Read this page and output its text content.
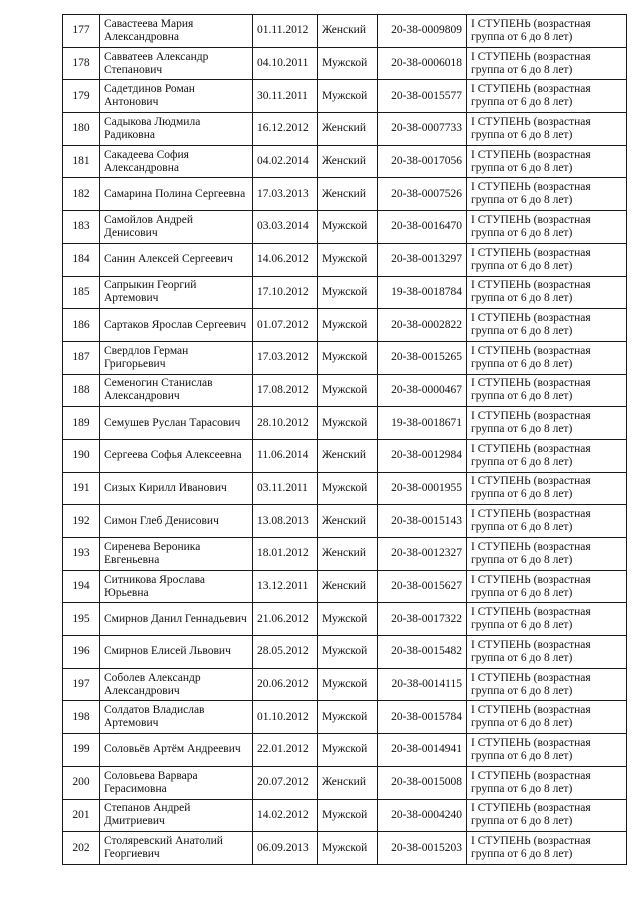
177	Савастеева Мария Александровна	01.11.2012	Женский	20-38-0009809	I СТУПЕНЬ (возрастная группа от 6 до 8 лет)
178	Савватеев Александр Степанович	04.10.2011	Мужской	20-38-0006018	I СТУПЕНЬ (возрастная группа от 6 до 8 лет)
179	Садетдинов Роман Антонович	30.11.2011	Мужской	20-38-0015577	I СТУПЕНЬ (возрастная группа от 6 до 8 лет)
180	Садыкова Людмила Радиковна	16.12.2012	Женский	20-38-0007733	I СТУПЕНЬ (возрастная группа от 6 до 8 лет)
181	Сакадеева София Александровна	04.02.2014	Женский	20-38-0017056	I СТУПЕНЬ (возрастная группа от 6 до 8 лет)
182	Самарина Полина Сергеевна	17.03.2013	Женский	20-38-0007526	I СТУПЕНЬ (возрастная группа от 6 до 8 лет)
183	Самойлов Андрей Денисович	03.03.2014	Мужской	20-38-0016470	I СТУПЕНЬ (возрастная группа от 6 до 8 лет)
184	Санин Алексей Сергеевич	14.06.2012	Мужской	20-38-0013297	I СТУПЕНЬ (возрастная группа от 6 до 8 лет)
185	Сапрыкин Георгий Артемович	17.10.2012	Мужской	19-38-0018784	I СТУПЕНЬ (возрастная группа от 6 до 8 лет)
186	Сартаков Ярослав Сергеевич	01.07.2012	Мужской	20-38-0002822	I СТУПЕНЬ (возрастная группа от 6 до 8 лет)
187	Свердлов Герман Григорьевич	17.03.2012	Мужской	20-38-0015265	I СТУПЕНЬ (возрастная группа от 6 до 8 лет)
188	Семеногин Станислав Александрович	17.08.2012	Мужской	20-38-0000467	I СТУПЕНЬ (возрастная группа от 6 до 8 лет)
189	Семушев Руслан Тарасович	28.10.2012	Мужской	19-38-0018671	I СТУПЕНЬ (возрастная группа от 6 до 8 лет)
190	Сергеева Софья Алексеевна	11.06.2014	Женский	20-38-0012984	I СТУПЕНЬ (возрастная группа от 6 до 8 лет)
191	Сизых Кирилл Иванович	03.11.2011	Мужской	20-38-0001955	I СТУПЕНЬ (возрастная группа от 6 до 8 лет)
192	Симон Глеб Денисович	13.08.2013	Женский	20-38-0015143	I СТУПЕНЬ (возрастная группа от 6 до 8 лет)
193	Сиренева Вероника Евгеньевна	18.01.2012	Женский	20-38-0012327	I СТУПЕНЬ (возрастная группа от 6 до 8 лет)
194	Ситникова Ярослава Юрьевна	13.12.2011	Женский	20-38-0015627	I СТУПЕНЬ (возрастная группа от 6 до 8 лет)
195	Смирнов Данил Геннадьевич	21.06.2012	Мужской	20-38-0017322	I СТУПЕНЬ (возрастная группа от 6 до 8 лет)
196	Смирнов Елисей Львович	28.05.2012	Мужской	20-38-0015482	I СТУПЕНЬ (возрастная группа от 6 до 8 лет)
197	Соболев Александр Александрович	20.06.2012	Мужской	20-38-0014115	I СТУПЕНЬ (возрастная группа от 6 до 8 лет)
198	Солдатов Владислав Артемович	01.10.2012	Мужской	20-38-0015784	I СТУПЕНЬ (возрастная группа от 6 до 8 лет)
199	Соловьёв Артём Андреевич	22.01.2012	Мужской	20-38-0014941	I СТУПЕНЬ (возрастная группа от 6 до 8 лет)
200	Соловьева Варвара Герасимовна	20.07.2012	Женский	20-38-0015008	I СТУПЕНЬ (возрастная группа от 6 до 8 лет)
201	Степанов Андрей Дмитриевич	14.02.2012	Мужской	20-38-0004240	I СТУПЕНЬ (возрастная группа от 6 до 8 лет)
202	Столяревский Анатолий Георгиевич	06.09.2013	Мужской	20-38-0015203	I СТУПЕНЬ (возрастная группа от 6 до 8 лет)
